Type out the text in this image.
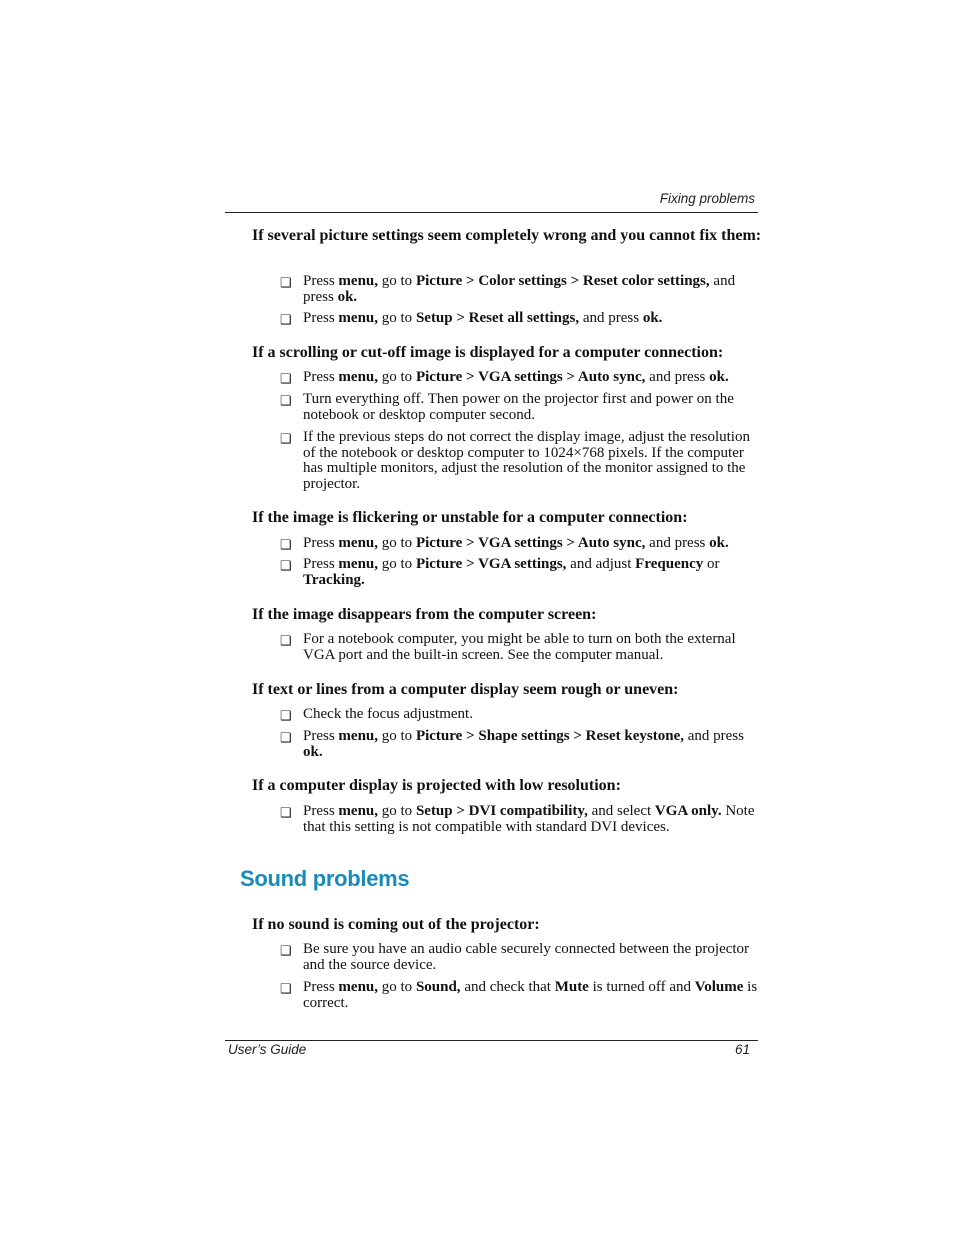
Fixing problems
If several picture settings seem completely wrong and you cannot fix them:
❑ Press menu, go to Picture > Color settings > Reset color settings, and press ok.
❑ Press menu, go to Setup > Reset all settings, and press ok.
If a scrolling or cut-off image is displayed for a computer connection:
❑ Press menu, go to Picture > VGA settings > Auto sync, and press ok.
❑ Turn everything off. Then power on the projector first and power on the notebook or desktop computer second.
❑ If the previous steps do not correct the display image, adjust the resolution of the notebook or desktop computer to 1024×768 pixels. If the computer has multiple monitors, adjust the resolution of the monitor assigned to the projector.
If the image is flickering or unstable for a computer connection:
❑ Press menu, go to Picture > VGA settings > Auto sync, and press ok.
❑ Press menu, go to Picture > VGA settings, and adjust Frequency or Tracking.
If the image disappears from the computer screen:
❑ For a notebook computer, you might be able to turn on both the external VGA port and the built-in screen. See the computer manual.
If text or lines from a computer display seem rough or uneven:
❑ Check the focus adjustment.
❑ Press menu, go to Picture > Shape settings > Reset keystone, and press ok.
If a computer display is projected with low resolution:
❑ Press menu, go to Setup > DVI compatibility, and select VGA only. Note that this setting is not compatible with standard DVI devices.
Sound problems
If no sound is coming out of the projector:
❑ Be sure you have an audio cable securely connected between the projector and the source device.
❑ Press menu, go to Sound, and check that Mute is turned off and Volume is correct.
User’s Guide	61
